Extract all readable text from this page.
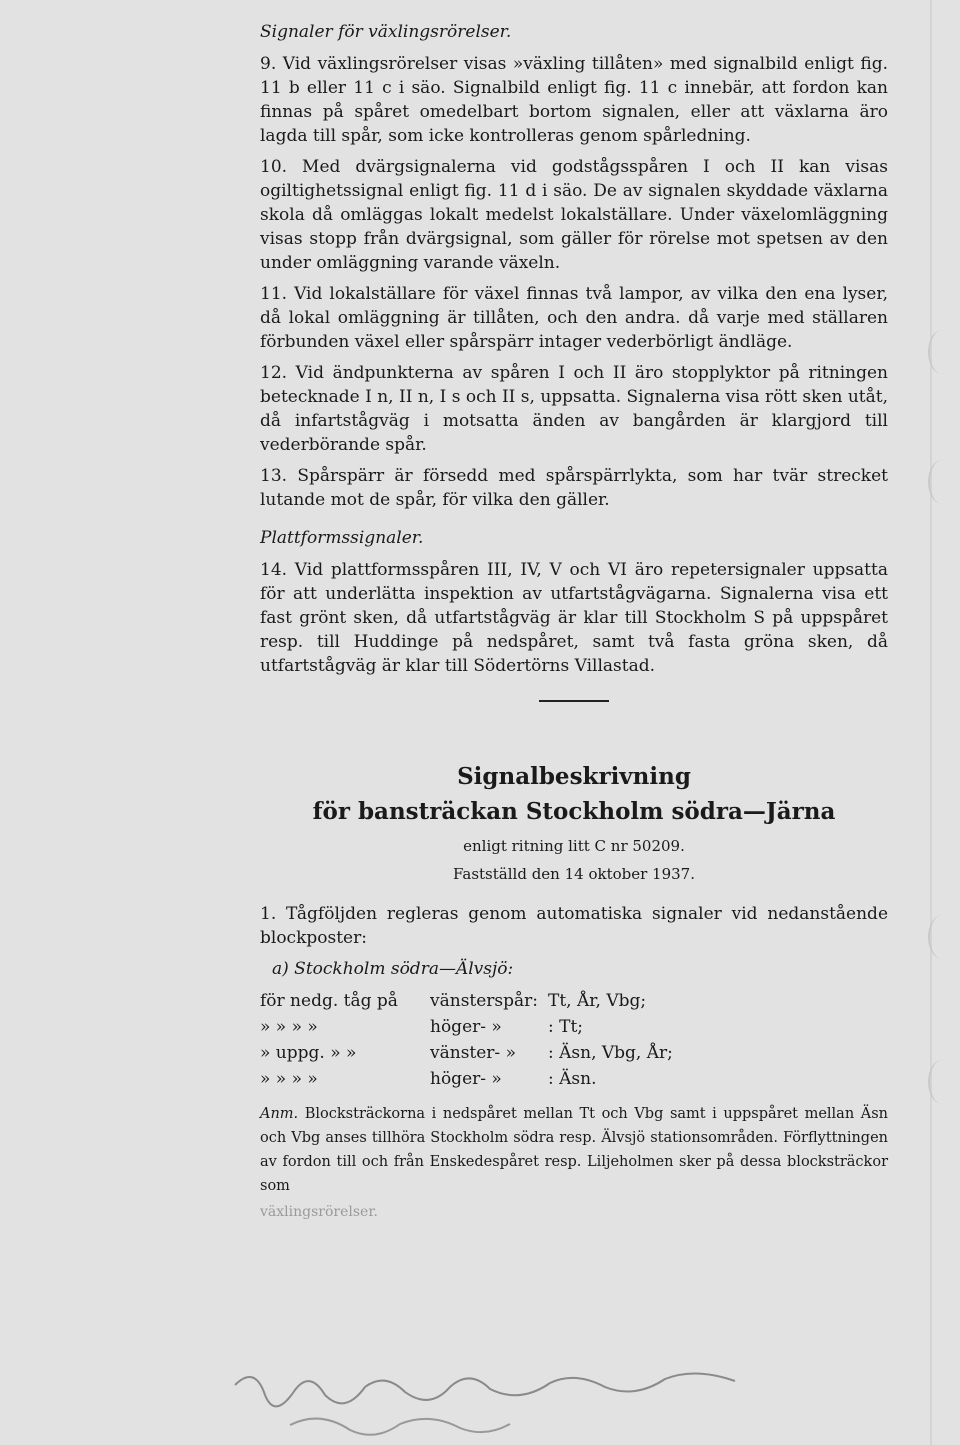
Signaler för växlingsrörelser.

9. Vid växlingsrörelser visas »växling tillåten» med signalbild enligt fig. 11 b eller 11 c i säo. Signalbild enligt fig. 11 c innebär, att fordon kan finnas på spåret omedelbart bortom signalen, eller att växlarna äro lagda till spår, som icke kontrolleras genom spårledning.

10. Med dvärgsignalerna vid godstågsspåren I och II kan visas ogiltighetssignal enligt fig. 11 d i säo. De av signalen skyddade växlarna skola då omläggas lokalt medelst lokalställare. Under växelomläggning visas stopp från dvärgsignal, som gäller för rörelse mot spetsen av den under omläggning varande växeln.

11. Vid lokalställare för växel finnas två lampor, av vilka den ena lyser, då lokal omläggning är tillåten, och den andra. då varje med ställaren förbunden växel eller spårspärr intager vederbörligt ändläge.

12. Vid ändpunkterna av spåren I och II äro stopplyktor på ritningen betecknade I n, II n, I s och II s, uppsatta. Signalerna visa rött sken utåt, då infartstågväg i motsatta änden av bangården är klargjord till vederbörande spår.

13. Spårspärr är försedd med spårspärrlykta, som har tvär strecket lutande mot de spår, för vilka den gäller.

Plattformssignaler.

14. Vid plattformsspåren III, IV, V och VI äro repetersignaler uppsatta för att underlätta inspektion av utfartstågvägarna. Signalerna visa ett fast grönt sken, då utfartstågväg är klar till Stockholm S på uppspåret resp. till Huddinge på nedspåret, samt två fasta gröna sken, då utfartstågväg är klar till Södertörns Villastad.

Signalbeskrivning

för bansträckan Stockholm södra—Järna

enligt ritning litt C nr 50209.

Fastställd den 14 oktober 1937.

1. Tågföljden regleras genom automatiska signaler vid nedanstående blockposter:

a) Stockholm södra—Älvsjö:

för nedg. tåg på	vänsterspår: Tt, År, Vbg;
» » » »	höger- »	: Tt;
» uppg. » »	vänster- »	: Äsn, Vbg, År;
» » » »	höger- »	: Äsn.

Anm. Blocksträckorna i nedspåret mellan Tt och Vbg samt i uppspåret mellan Äsn och Vbg anses tillhöra Stockholm södra resp. Älvsjö stationsområden. Förflyttningen av fordon till och från Enskedespåret resp. Liljeholmen sker på dessa blocksträckor som

växlingsrörelser.
